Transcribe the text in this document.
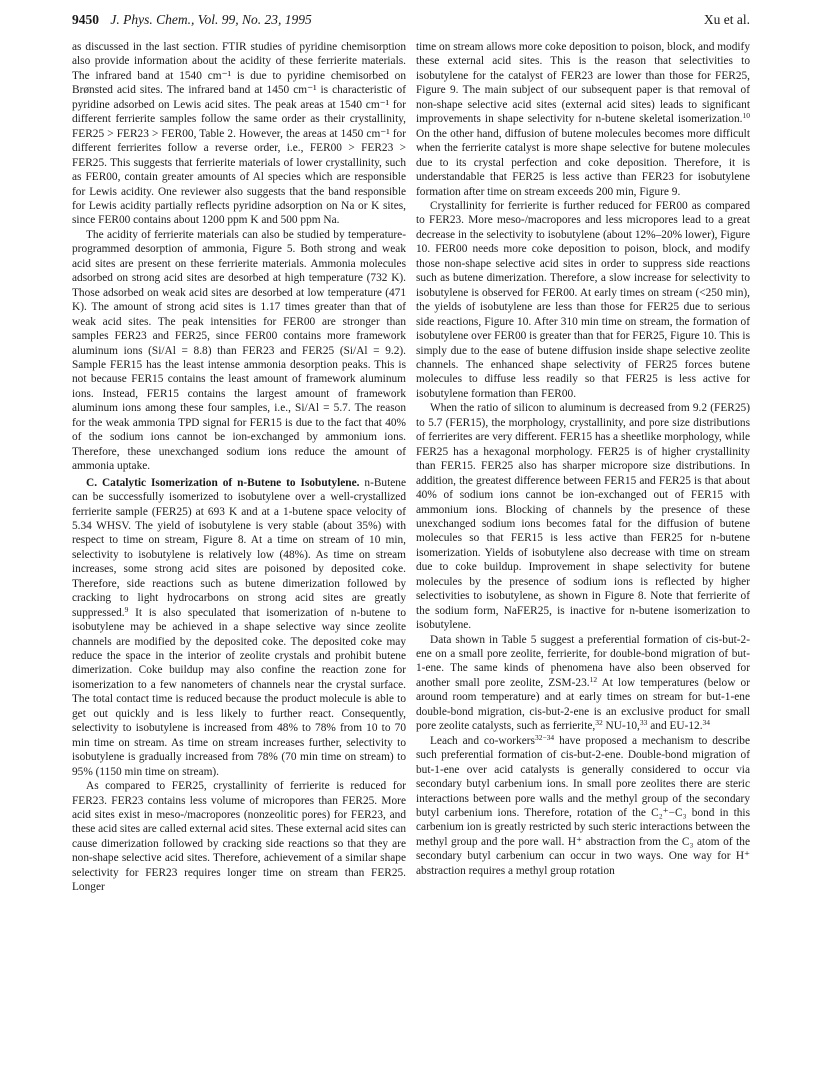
9450 J. Phys. Chem., Vol. 99, No. 23, 1995	Xu et al.

as discussed in the last section. FTIR studies of pyridine chemisorption also provide information about the acidity of these ferrierite materials. The infrared band at 1540 cm⁻¹ is due to pyridine chemisorbed on Brønsted acid sites. The infrared band at 1450 cm⁻¹ is characteristic of pyridine adsorbed on Lewis acid sites. The peak areas at 1540 cm⁻¹ for different ferrierite samples follow the same order as their crystallinity, FER25 > FER23 > FER00, Table 2. However, the areas at 1450 cm⁻¹ for different ferrierites follow a reverse order, i.e., FER00 > FER23 > FER25. This suggests that ferrierite materials of lower crystallinity, such as FER00, contain greater amounts of Al species which are responsible for Lewis acidity. One reviewer also suggests that the band responsible for Lewis acidity partially reflects pyridine adsorption on Na or K sites, since FER00 contains about 1200 ppm K and 500 ppm Na.

The acidity of ferrierite materials can also be studied by temperature-programmed desorption of ammonia, Figure 5. Both strong and weak acid sites are present on these ferrierite materials. Ammonia molecules adsorbed on strong acid sites are desorbed at high temperature (732 K). Those adsorbed on weak acid sites are desorbed at low temperature (471 K). The amount of strong acid sites is 1.17 times greater than that of weak acid sites. The peak intensities for FER00 are stronger than samples FER23 and FER25, since FER00 contains more framework aluminum ions (Si/Al = 8.8) than FER23 and FER25 (Si/Al = 9.2). Sample FER15 has the least intense ammonia desorption peaks. This is not because FER15 contains the least amount of framework aluminum ions. Instead, FER15 contains the largest amount of framework aluminum ions among these four samples, i.e., Si/Al = 5.7. The reason for the weak ammonia TPD signal for FER15 is due to the fact that 40% of the sodium ions cannot be ion-exchanged by ammonium ions. Therefore, these unexchanged sodium ions reduce the amount of ammonia uptake.

C. Catalytic Isomerization of n-Butene to Isobutylene. n-Butene can be successfully isomerized to isobutylene over a well-crystallized ferrierite sample (FER25) at 693 K and at a 1-butene space velocity of 5.34 WHSV. The yield of isobutylene is very stable (about 35%) with respect to time on stream, Figure 8. At a time on stream of 10 min, selectivity to isobutylene is relatively low (48%). As time on stream increases, some strong acid sites are poisoned by deposited coke. Therefore, side reactions such as butene dimerization followed by cracking to light hydrocarbons on strong acid sites are greatly suppressed.$^9$ It is also speculated that isomerization of n-butene to isobutylene may be achieved in a shape selective way since zeolite channels are modified by the deposited coke. The deposited coke may reduce the space in the interior of zeolite crystals and prohibit butene dimerization. Coke buildup may also confine the reaction zone for isomerization to a few nanometers of channels near the crystal surface. The total contact time is reduced because the product molecule is able to get out quickly and is less likely to further react. Consequently, selectivity to isobutylene is increased from 48% to 78% from 10 to 70 min time on stream. As time on stream increases further, selectivity to isobutylene is gradually increased from 78% (70 min time on stream) to 95% (1150 min time on stream).

As compared to FER25, crystallinity of ferrierite is reduced for FER23. FER23 contains less volume of micropores than FER25. More acid sites exist in meso-/macropores (nonzeolitic pores) for FER23, and these acid sites are called external acid sites. These external acid sites can cause dimerization followed by cracking side reactions so that they are non-shape selective acid sites. Therefore, achievement of a similar shape selectivity for FER23 requires longer time on stream than FER25. Longer

time on stream allows more coke deposition to poison, block, and modify these external acid sites. This is the reason that selectivities to isobutylene for the catalyst of FER23 are lower than those for FER25, Figure 9. The main subject of our subsequent paper is that removal of non-shape selective acid sites (external acid sites) leads to significant improvements in shape selectivity for n-butene skeletal isomerization.$^{10}$ On the other hand, diffusion of butene molecules becomes more difficult when the ferrierite catalyst is more shape selective for butene molecules due to its crystal perfection and coke deposition. Therefore, it is understandable that FER25 is less active than FER23 for isobutylene formation after time on stream exceeds 200 min, Figure 9.

Crystallinity for ferrierite is further reduced for FER00 as compared to FER23. More meso-/macropores and less micropores lead to a great decrease in the selectivity to isobutylene (about 12%–20% lower), Figure 10. FER00 needs more coke deposition to poison, block, and modify those non-shape selective acid sites in order to suppress side reactions such as butene dimerization. Therefore, a slow increase for selectivity to isobutylene is observed for FER00. At early times on stream (<250 min), the yields of isobutylene are less than those for FER25 due to serious side reactions, Figure 10. After 310 min time on stream, the formation of isobutylene over FER00 is greater than that for FER25, Figure 10. This is simply due to the ease of butene diffusion inside shape selective zeolite channels. The enhanced shape selectivity of FER25 forces butene molecules to diffuse less readily so that FER25 is less active for isobutylene formation than FER00.

When the ratio of silicon to aluminum is decreased from 9.2 (FER25) to 5.7 (FER15), the morphology, crystallinity, and pore size distributions of ferrierites are very different. FER15 has a sheetlike morphology, while FER25 has a hexagonal morphology. FER25 is of higher crystallinity than FER15. FER25 also has sharper micropore size distributions. In addition, the greatest difference between FER15 and FER25 is that about 40% of sodium ions cannot be ion-exchanged out of FER15 with ammonium ions. Blocking of channels by the presence of these unexchanged sodium ions becomes fatal for the diffusion of butene molecules so that FER15 is less active than FER25 for n-butene isomerization. Yields of isobutylene also decrease with time on stream due to coke buildup. Improvement in shape selectivity for butene molecules by the presence of sodium ions is reflected by higher selectivities to isobutylene, as shown in Figure 8. Note that ferrierite of the sodium form, NaFER25, is inactive for n-butene isomerization to isobutylene.

Data shown in Table 5 suggest a preferential formation of cis-but-2-ene on a small pore zeolite, ferrierite, for double-bond migration of but-1-ene. The same kinds of phenomena have also been observed for another small pore zeolite, ZSM-23.12 At low temperatures (below or around room temperature) and at early times on stream for but-1-ene double-bond migration, cis-but-2-ene is an exclusive product for small pore zeolite catalysts, such as ferrierite,$^{32}$ NU-10,33 and EU-12.34

Leach and co-workers$^{32-34}$ have proposed a mechanism to describe such preferential formation of cis-but-2-ene. Double-bond migration of but-1-ene over acid catalysts is generally considered to occur via secondary butyl carbenium ions. In small pore zeolites there are steric interactions between pore walls and the methyl group of the secondary butyl carbenium ions. Therefore, rotation of the C₂⁺−C₃ bond in this carbenium ion is greatly restricted by such steric interactions between the methyl group and the pore wall. H⁺ abstraction from the C₃ atom of the secondary butyl carbenium can occur in two ways. One way for H⁺ abstraction requires a methyl group rotation
